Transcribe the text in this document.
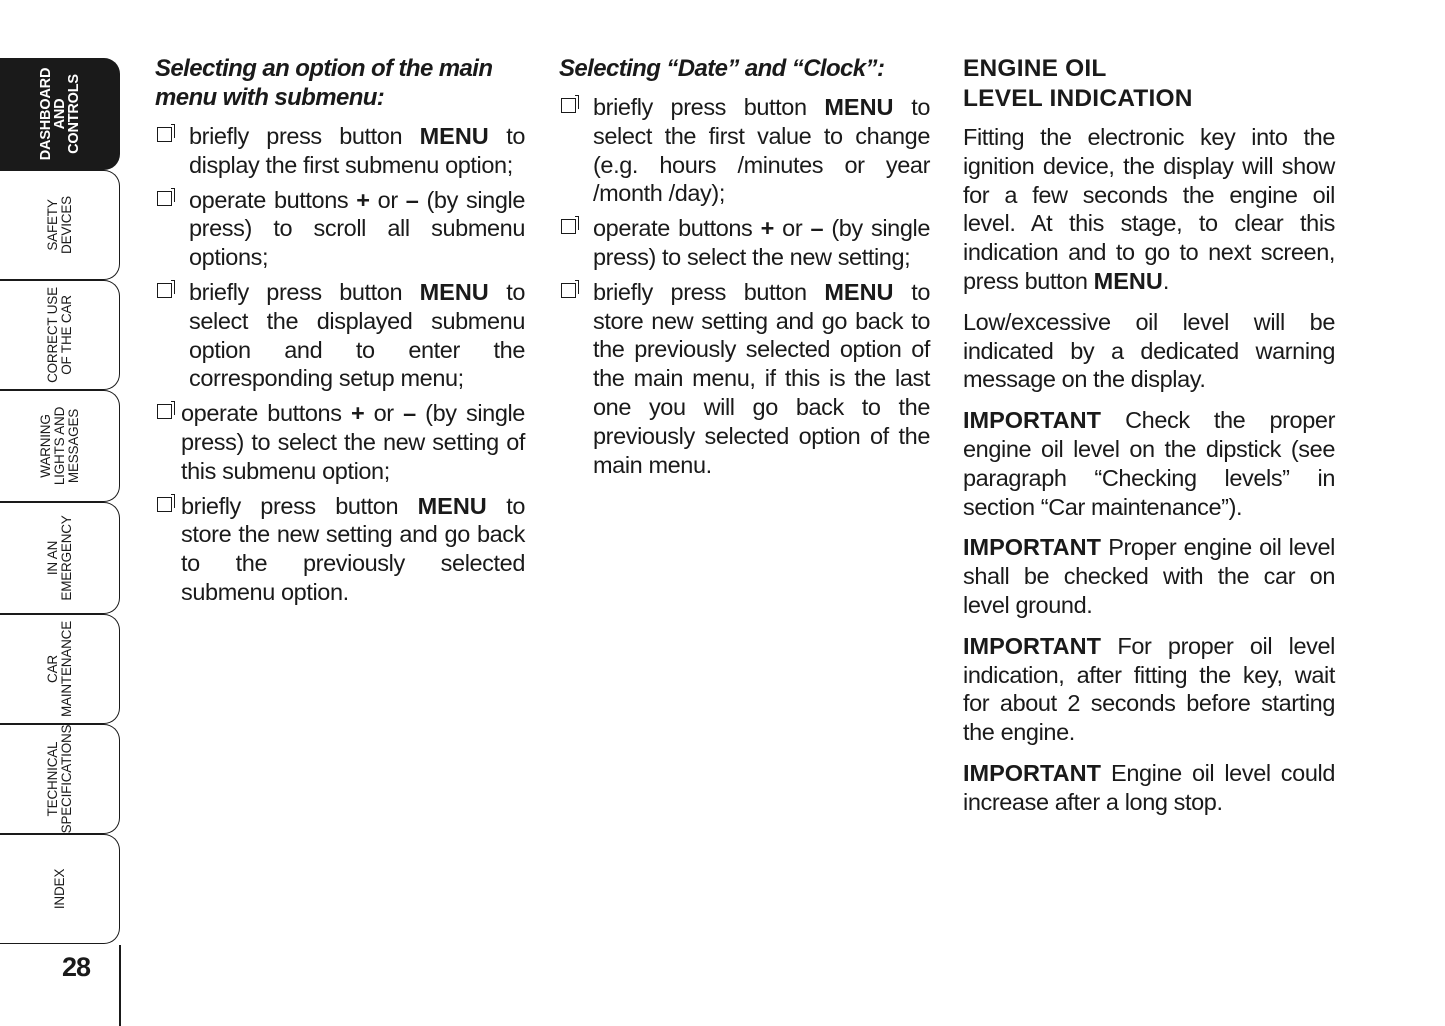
DASHBOARD
AND
CONTROLS
SAFETY DEVICES
CORRECT USE OF THE CAR
WARNING LIGHTS AND MESSAGES
IN AN EMERGENCY
CAR MAINTENANCE
TECHNICAL SPECIFICATIONS
INDEX
28
Selecting an option of the main menu with submenu:
briefly press button MENU to display the first submenu option;
operate buttons + or – (by single press) to scroll all submenu options;
briefly press button MENU to select the displayed submenu option and to enter the corresponding setup menu;
operate buttons + or – (by single press) to select the new setting of this submenu option;
briefly press button MENU to store the new setting and go back to the previously selected submenu option.
Selecting “Date” and “Clock”:
briefly press button MENU to select the first value to change (e.g. hours /minutes or year /month /day);
operate buttons + or – (by single press) to select the new setting;
briefly press button MENU to store new setting and go back to the previously selected option of the main menu, if this is the last one you will go back to the previously selected option of the main menu.
ENGINE OIL
LEVEL INDICATION

Fitting the electronic key into the ignition device, the display will show for a few seconds the engine oil level. At this stage, to clear this indication and to go to next screen, press button MENU.

Low/excessive oil level will be indicated by a dedicated warning message on the display.

IMPORTANT Check the proper engine oil level on the dipstick (see paragraph “Checking levels” in section “Car maintenance”).

IMPORTANT Proper engine oil level shall be checked with the car on level ground.

IMPORTANT For proper oil level indication, after fitting the key, wait for about 2 seconds before starting the engine.

IMPORTANT Engine oil level could increase after a long stop.
